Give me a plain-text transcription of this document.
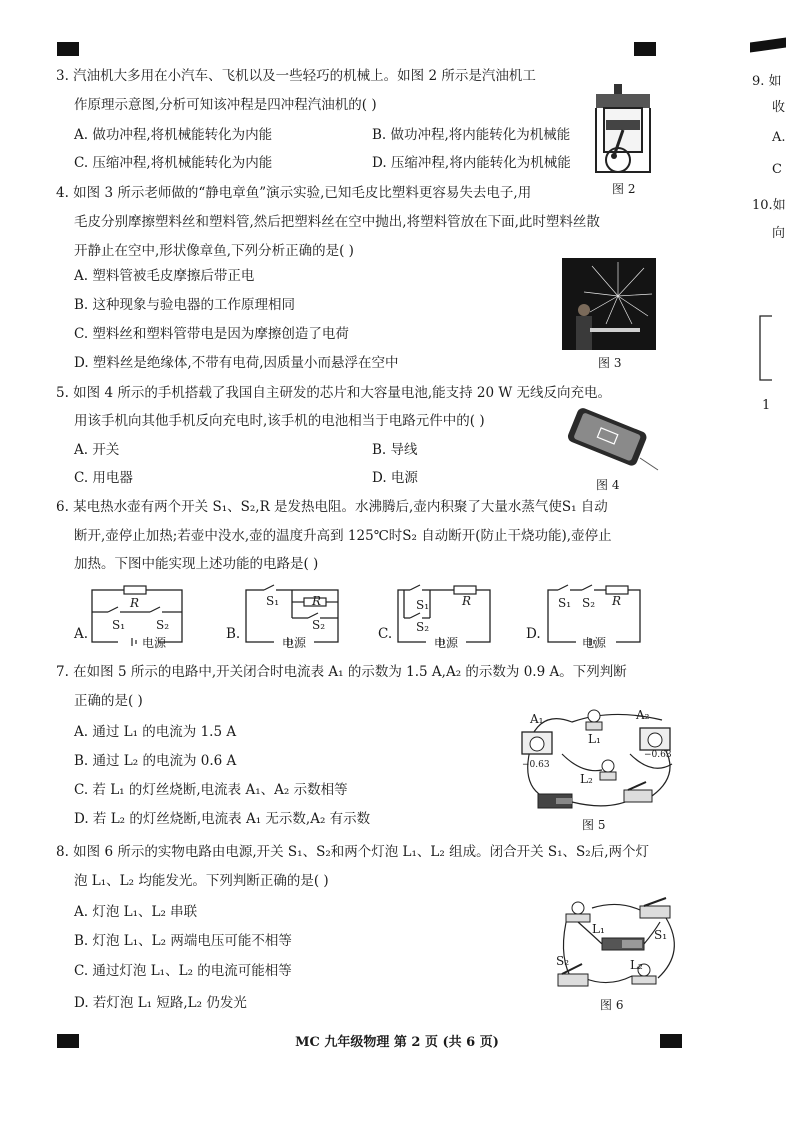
9. 如
收
A.
C
10.如
向
1
3. 汽油机大多用在小汽车、飞机以及一些轻巧的机械上。如图 2 所示是汽油机工
作原理示意图,分析可知该冲程是四冲程汽油机的( )
A. 做功冲程,将机械能转化为内能	B. 做功冲程,将内能转化为机械能
C. 压缩冲程,将机械能转化为内能	D. 压缩冲程,将内能转化为机械能
图 2
4. 如图 3 所示老师做的“静电章鱼”演示实验,已知毛皮比塑料更容易失去电子,用
毛皮分别摩擦塑料丝和塑料管,然后把塑料丝在空中抛出,将塑料管放在下面,此时塑料丝散
开静止在空中,形状像章鱼,下列分析正确的是( )
A. 塑料管被毛皮摩擦后带正电
B. 这种现象与验电器的工作原理相同
C. 塑料丝和塑料管带电是因为摩擦创造了电荷
D. 塑料丝是绝缘体,不带有电荷,因质量小而悬浮在空中	图 3
5. 如图 4 所示的手机搭载了我国自主研发的芯片和大容量电池,能支持 20 W 无线反向充电。
用该手机向其他手机反向充电时,该手机的电池相当于电路元件中的( )
A. 开关	B. 导线
C. 用电器	D. 电源	图 4
6. 某电热水壶有两个开关 S₁、S₂,R 是发热电阻。水沸腾后,壶内积聚了大量水蒸气使S₁ 自动
断开,壶停止加热;若壶中没水,壶的温度升高到 125℃时S₂ 自动断开(防止干烧功能),壶停止
加热。下图中能实现上述功能的电路是( )
A.
R
S₁	S₂
电源
B.
S₁	R
S₂
电源
C.
S₁	R
S₂
电源
D.
S₁ S₂ R
电源
7. 在如图 5 所示的电路中,开关闭合时电流表 A₁ 的示数为 1.5 A,A₂ 的示数为 0.9 A。下列判断
正确的是( )
A. 通过 L₁ 的电流为 1.5 A
B. 通过 L₂ 的电流为 0.6 A
C. 若 L₁ 的灯丝烧断,电流表 A₁、A₂ 示数相等
D. 若 L₂ 的灯丝烧断,电流表 A₁ 无示数,A₂ 有示数
A₁	A₂
L₁
L₂
−0.63
−0.63
图 5
8. 如图 6 所示的实物电路由电源,开关 S₁、S₂和两个灯泡 L₁、L₂ 组成。闭合开关 S₁、S₂后,两个灯
泡 L₁、L₂ 均能发光。下列判断正确的是( )
A. 灯泡 L₁、L₂ 串联
B. 灯泡 L₁、L₂ 两端电压可能不相等
C. 通过灯泡 L₁、L₂ 的电流可能相等
D. 若灯泡 L₁ 短路,L₂ 仍发光
L₁	S₁
S₂	L₂
图 6
MC 九年级物理 第 2 页 (共 6 页)
